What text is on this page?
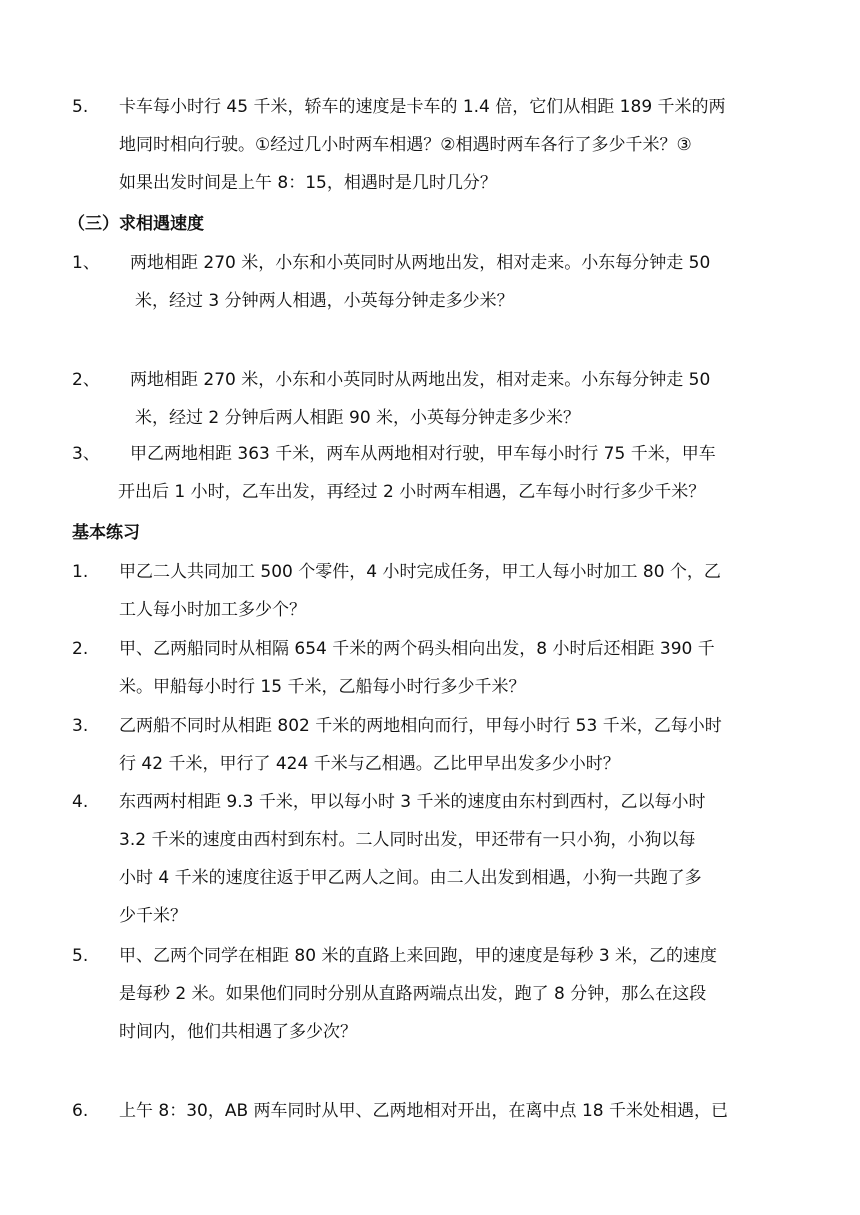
5. 卡车每小时行 45 千米，轿车的速度是卡车的 1.4 倍，它们从相距 189 千米的两
地同时相向行驶。①经过几小时两车相遇？②相遇时两车各行了多少千米？③
如果出发时间是上午 8：15，相遇时是几时几分？
（三）求相遇速度
1、 两地相距 270 米，小东和小英同时从两地出发，相对走来。小东每分钟走 50
米，经过 3 分钟两人相遇，小英每分钟走多少米？
2、 两地相距 270 米，小东和小英同时从两地出发，相对走来。小东每分钟走 50
米，经过 2 分钟后两人相距 90 米，小英每分钟走多少米？
3、 甲乙两地相距 363 千米，两车从两地相对行驶，甲车每小时行 75 千米，甲车
开出后 1 小时，乙车出发，再经过 2 小时两车相遇，乙车每小时行多少千米？
基本练习
1. 甲乙二人共同加工 500 个零件，4 小时完成任务，甲工人每小时加工 80 个，乙
工人每小时加工多少个？
2. 甲、乙两船同时从相隔 654 千米的两个码头相向出发，8 小时后还相距 390 千
米。甲船每小时行 15 千米，乙船每小时行多少千米？
3. 乙两船不同时从相距 802 千米的两地相向而行，甲每小时行 53 千米，乙每小时
行 42 千米，甲行了 424 千米与乙相遇。乙比甲早出发多少小时？
4. 东西两村相距 9.3 千米，甲以每小时 3 千米的速度由东村到西村，乙以每小时
3.2 千米的速度由西村到东村。二人同时出发，甲还带有一只小狗，小狗以每
小时 4 千米的速度往返于甲乙两人之间。由二人出发到相遇，小狗一共跑了多
少千米？
5. 甲、乙两个同学在相距 80 米的直路上来回跑，甲的速度是每秒 3 米，乙的速度
是每秒 2 米。如果他们同时分别从直路两端点出发，跑了 8 分钟，那么在这段
时间内，他们共相遇了多少次？
6. 上午 8：30，AB 两车同时从甲、乙两地相对开出，在离中点 18 千米处相遇，已
